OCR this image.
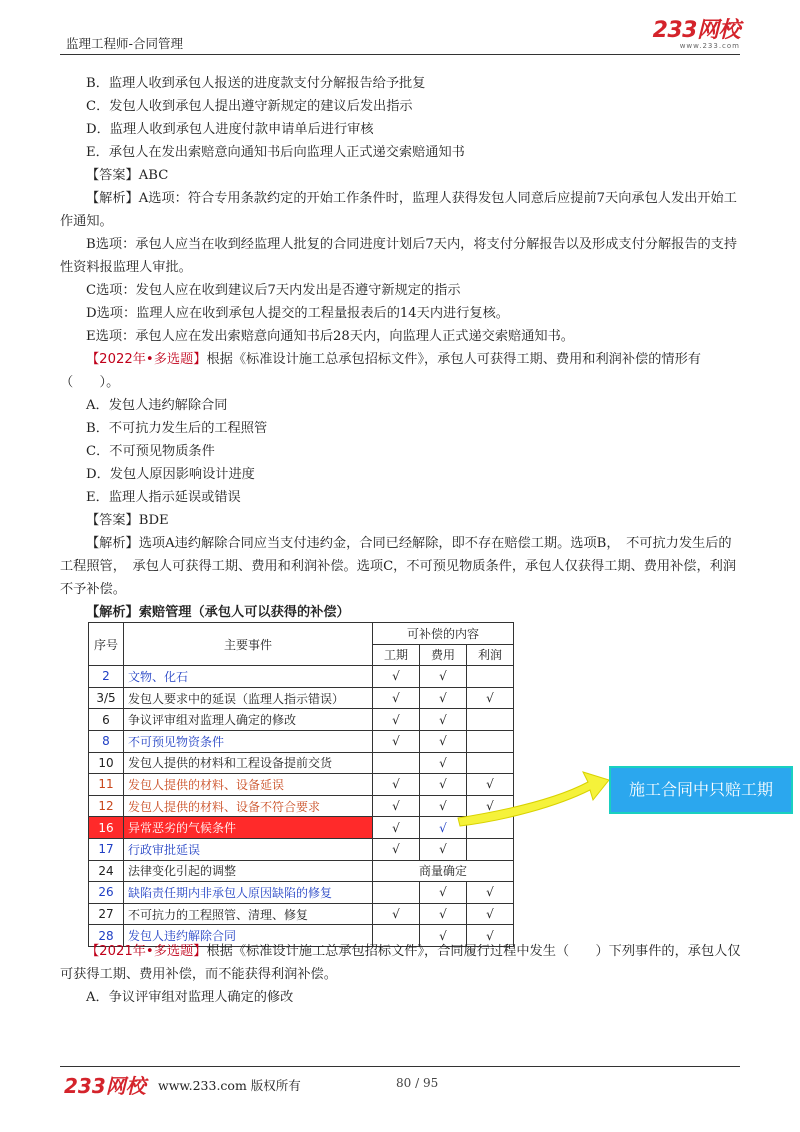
监理工程师-合同管理
233网校
www.233.com

B．监理人收到承包人报送的进度款支付分解报告给予批复

C．发包人收到承包人提出遵守新规定的建议后发出指示

D．监理人收到承包人进度付款申请单后进行审核

E．承包人在发出索赔意向通知书后向监理人正式递交索赔通知书

【答案】ABC

【解析】A选项：符合专用条款约定的开始工作条件时，监理人获得发包人同意后应提前7天向承包人发出开始工作通知。

B选项：承包人应当在收到经监理人批复的合同进度计划后7天内，将支付分解报告以及形成支付分解报告的支持性资料报监理人审批。

C选项：发包人应在收到建议后7天内发出是否遵守新规定的指示

D选项：监理人应在收到承包人提交的工程量报表后的14天内进行复核。

E选项：承包人应在发出索赔意向通知书后28天内，向监理人正式递交索赔通知书。

【2022年•多选题】根据《标准设计施工总承包招标文件》，承包人可获得工期、费用和利润补偿的情形有（　　）。

A．发包人违约解除合同

B．不可抗力发生后的工程照管

C．不可预见物质条件

D．发包人原因影响设计进度

E．监理人指示延误或错误

【答案】BDE

【解析】选项A违约解除合同应当支付违约金，合同已经解除，即不存在赔偿工期。选项B，　不可抗力发生后的工程照管，　承包人可获得工期、费用和利润补偿。选项C，不可预见物质条件，承包人仅获得工期、费用补偿，利润不予补偿。

【解析】索赔管理（承包人可以获得的补偿）

序号	主要事件	可补偿的内容		
		工期	费用	利润
2	文物、化石	√	√	
3/5	发包人要求中的延误（监理人指示错误）	√	√	√
6	争议评审组对监理人确定的修改	√	√	
8	不可预见物资条件	√	√	
10	发包人提供的材料和工程设备提前交货		√	
11	发包人提供的材料、设备延误	√	√	√
12	发包人提供的材料、设备不符合要求	√	√	√
16	异常恶劣的气候条件	√	√	
17	行政审批延误	√	√	
24	法律变化引起的调整	商量确定		
26	缺陷责任期内非承包人原因缺陷的修复		√	√
27	不可抗力的工程照管、清理、修复	√	√	√
28	发包人违约解除合同		√	√
施工合同中只赔工期

【2021年•多选题】根据《标准设计施工总承包招标文件》，合同履行过程中发生（　　）下列事件的，承包人仅可获得工期、费用补偿，而不能获得利润补偿。

A．争议评审组对监理人确定的修改

233网校 www.233.com 版权所有	80 / 95
